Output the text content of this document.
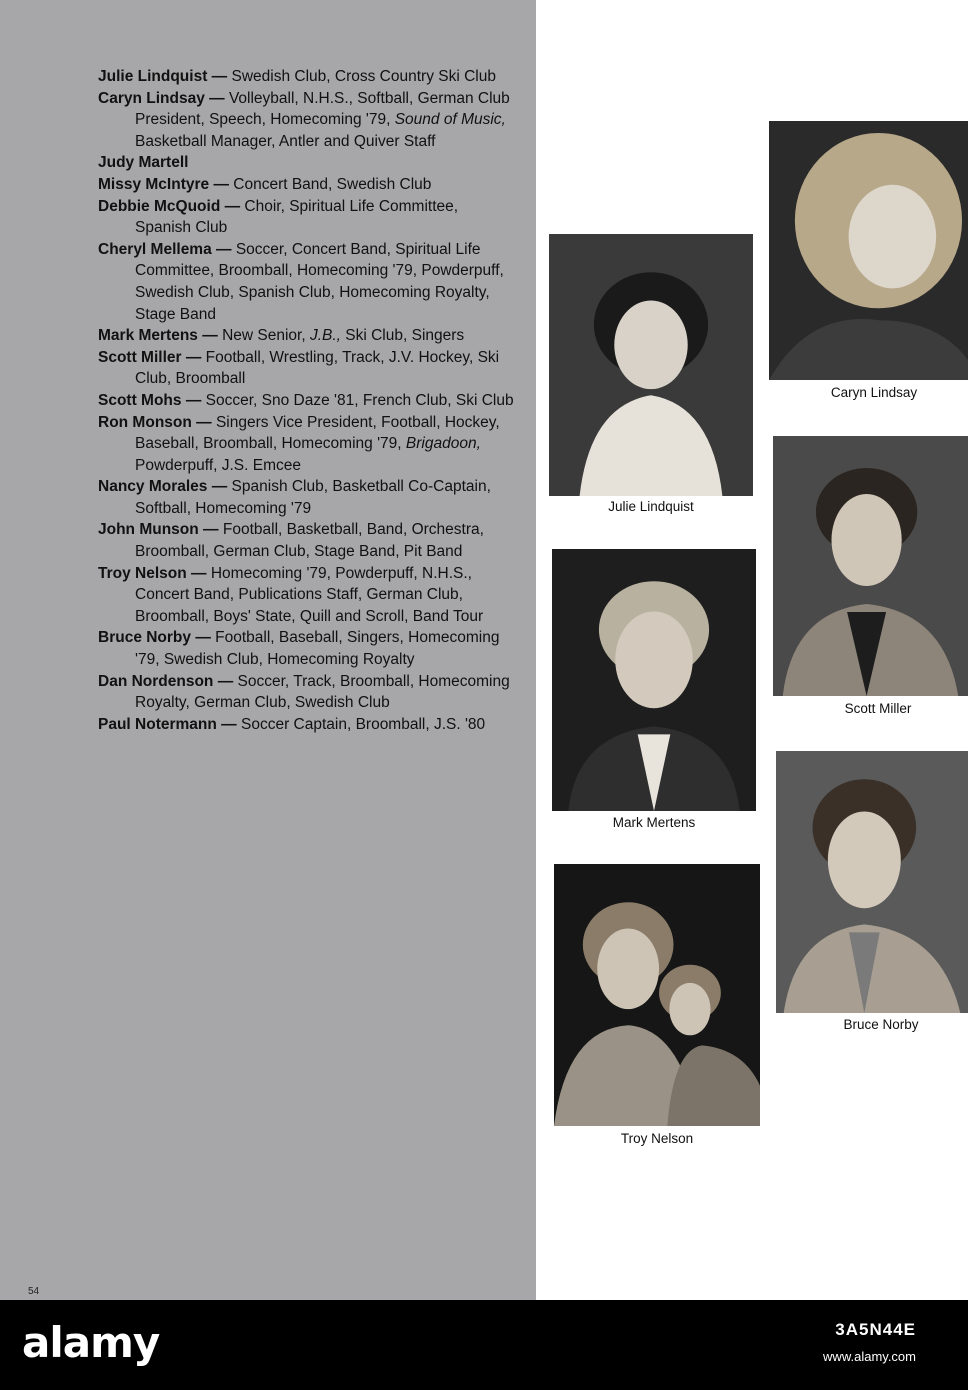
Julie Lindquist — Swedish Club, Cross Country Ski Club

Caryn Lindsay — Volleyball, N.H.S., Softball, German Club President, Speech, Homecoming '79, Sound of Music, Basketball Manager, Antler and Quiver Staff

Judy Martell

Missy McIntyre — Concert Band, Swedish Club

Debbie McQuoid — Choir, Spiritual Life Committee, Spanish Club

Cheryl Mellema — Soccer, Concert Band, Spiritual Life Committee, Broomball, Homecoming '79, Powderpuff, Swedish Club, Spanish Club, Homecoming Royalty, Stage Band

Mark Mertens — New Senior, J.B., Ski Club, Singers

Scott Miller — Football, Wrestling, Track, J.V. Hockey, Ski Club, Broomball

Scott Mohs — Soccer, Sno Daze '81, French Club, Ski Club

Ron Monson — Singers Vice President, Football, Hockey, Baseball, Broomball, Homecoming '79, Brigadoon, Powderpuff, J.S. Emcee

Nancy Morales — Spanish Club, Basketball Co-Captain, Softball, Homecoming '79

John Munson — Football, Basketball, Band, Orchestra, Broomball, German Club, Stage Band, Pit Band

Troy Nelson — Homecoming '79, Powderpuff, N.H.S., Concert Band, Publications Staff, German Club, Broomball, Boys' State, Quill and Scroll, Band Tour

Bruce Norby — Football, Baseball, Singers, Homecoming '79, Swedish Club, Homecoming Royalty

Dan Nordenson — Soccer, Track, Broomball, Homecoming Royalty, German Club, Swedish Club

Paul Notermann — Soccer Captain, Broomball, J.S. '80

54
Julie Lindquist
Caryn Lindsay
Scott Miller
Mark Mertens
Bruce Norby
Troy Nelson
alamy	3A5N44E
www.alamy.com
